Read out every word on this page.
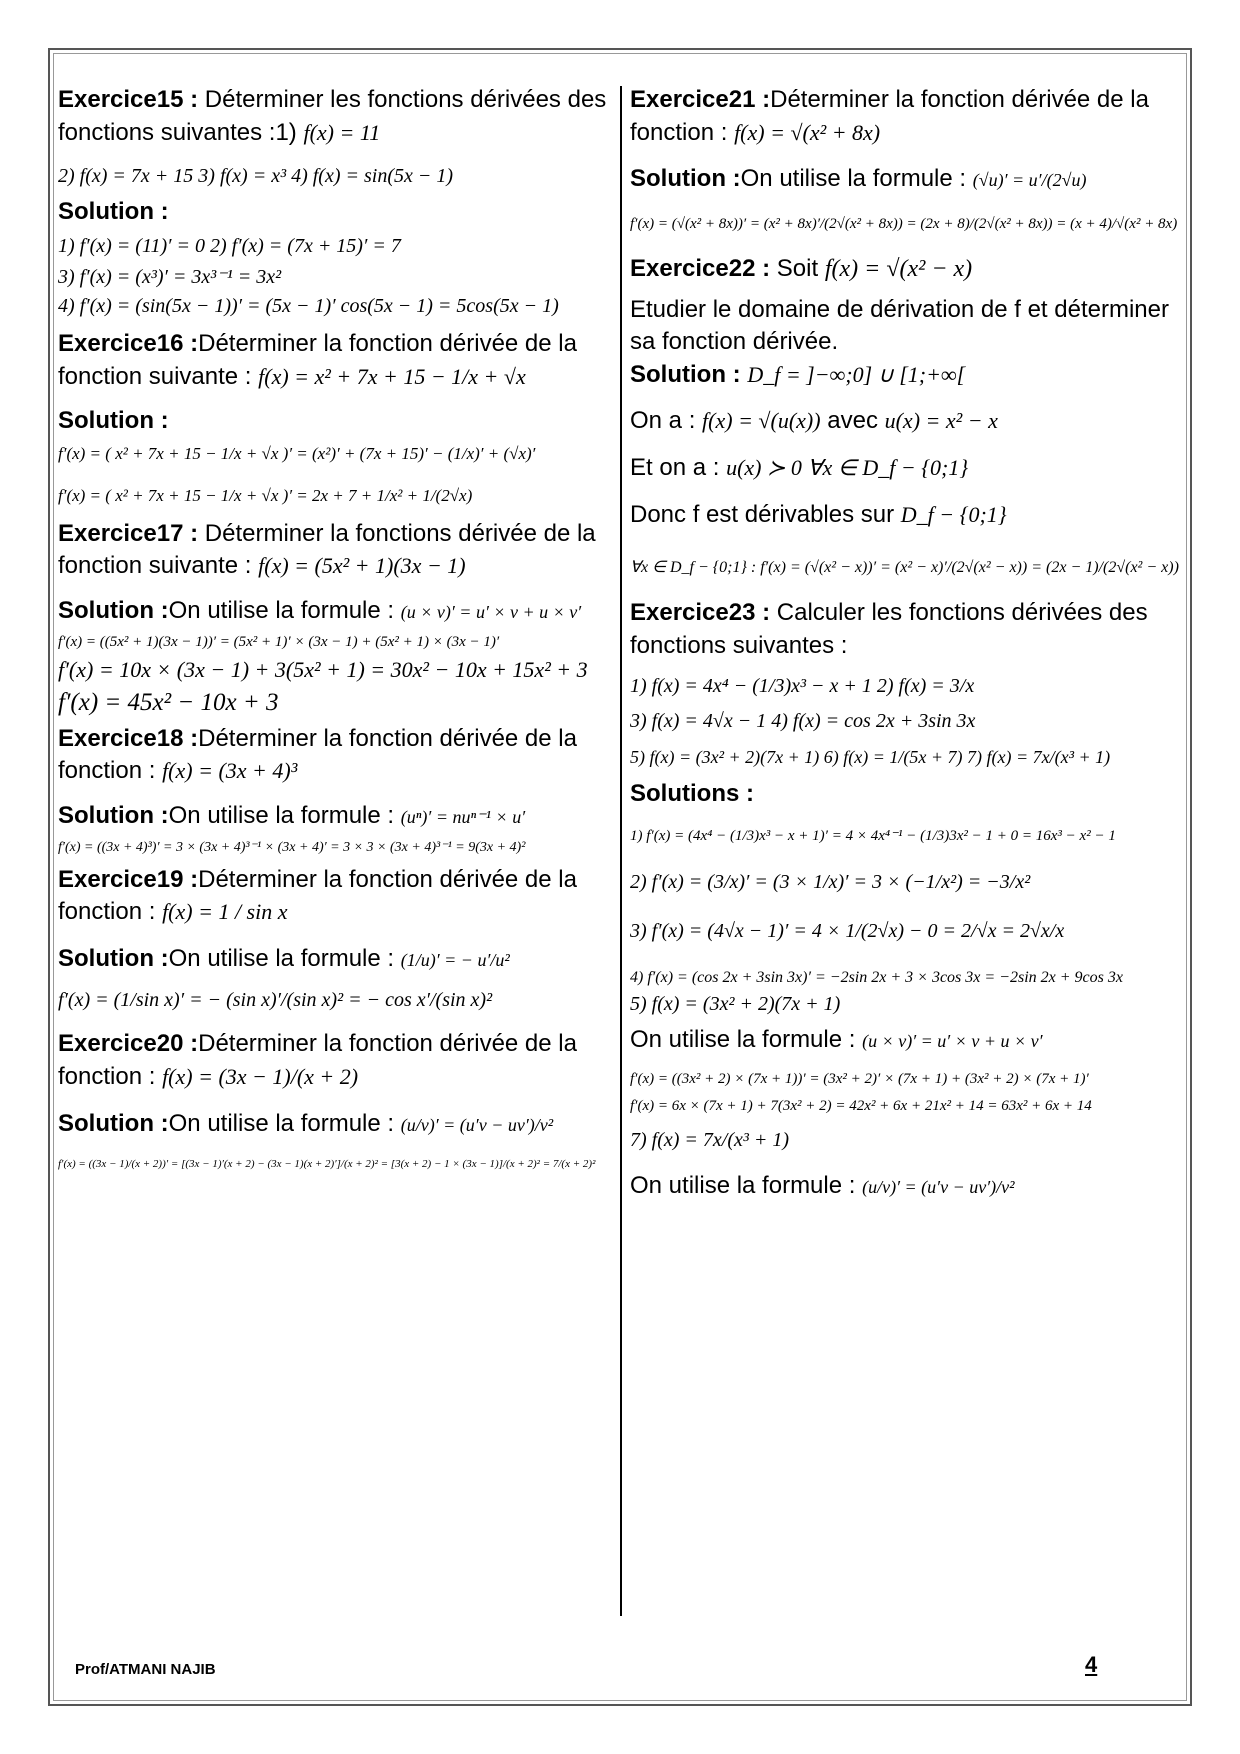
Exercice15 : Déterminer les fonctions dérivées des fonctions suivantes :1) f(x) = 11

2) f(x) = 7x + 15 3) f(x) = x³ 4) f(x) = sin(5x − 1)

Solution :

1) f′(x) = (11)′ = 0 2) f′(x) = (7x + 15)′ = 7
3) f′(x) = (x³)′ = 3x³⁻¹ = 3x²
4) f′(x) = (sin(5x − 1))′ = (5x − 1)′ cos(5x − 1) = 5cos(5x − 1)

Exercice16 :Déterminer la fonction dérivée de la fonction suivante : f(x) = x² + 7x + 15 − 1/x + √x

Solution :

f′(x) = ( x² + 7x + 15 − 1/x + √x )′ = (x²)′ + (7x + 15)′ − (1/x)′ + (√x)′
f′(x) = ( x² + 7x + 15 − 1/x + √x )′ = 2x + 7 + 1/x² + 1/(2√x)

Exercice17 : Déterminer la fonctions dérivée de la fonction suivante : f(x) = (5x² + 1)(3x − 1)

Solution :On utilise la formule : (u × v)′ = u′ × v + u × v′

f′(x) = ((5x² + 1)(3x − 1))′ = (5x² + 1)′ × (3x − 1) + (5x² + 1) × (3x − 1)′
f′(x) = 10x × (3x − 1) + 3(5x² + 1) = 30x² − 10x + 15x² + 3
f′(x) = 45x² − 10x + 3

Exercice18 :Déterminer la fonction dérivée de la fonction : f(x) = (3x + 4)³

Solution :On utilise la formule : (uⁿ)′ = nuⁿ⁻¹ × u′

f′(x) = ((3x + 4)³)′ = 3 × (3x + 4)³⁻¹ × (3x + 4)′ = 3 × 3 × (3x + 4)³⁻¹ = 9(3x + 4)²

Exercice19 :Déterminer la fonction dérivée de la fonction : f(x) = 1 / sin x

Solution :On utilise la formule : (1/u)′ = − u′/u²

f′(x) = (1/sin x)′ = − (sin x)′/(sin x)² = − cos x′/(sin x)²

Exercice20 :Déterminer la fonction dérivée de la fonction : f(x) = (3x − 1)/(x + 2)

Solution :On utilise la formule : (u/v)′ = (u′v − uv′)/v²

f′(x) = ((3x − 1)/(x + 2))′ = [(3x − 1)′(x + 2) − (3x − 1)(x + 2)′]/(x + 2)² = [3(x + 2) − 1 × (3x − 1)]/(x + 2)² = 7/(x + 2)²

Exercice21 :Déterminer la fonction dérivée de la fonction : f(x) = √(x² + 8x)

Solution :On utilise la formule : (√u)′ = u′/(2√u)

f′(x) = (√(x² + 8x))′ = (x² + 8x)′/(2√(x² + 8x)) = (2x + 8)/(2√(x² + 8x)) = (x + 4)/√(x² + 8x)

Exercice22 : Soit f(x) = √(x² − x)

Etudier le domaine de dérivation de f et déterminer sa fonction dérivée.

Solution : D_f = ]−∞;0] ∪ [1;+∞[

On a : f(x) = √(u(x)) avec u(x) = x² − x

Et on a : u(x) ≻ 0 ∀x ∈ D_f − {0;1}

Donc f est dérivables sur D_f − {0;1}

∀x ∈ D_f − {0;1} : f′(x) = (√(x² − x))′ = (x² − x)′/(2√(x² − x)) = (2x − 1)/(2√(x² − x))

Exercice23 : Calculer les fonctions dérivées des fonctions suivantes :

1) f(x) = 4x⁴ − (1/3)x³ − x + 1 2) f(x) = 3/x
3) f(x) = 4√x − 1 4) f(x) = cos 2x + 3sin 3x
5) f(x) = (3x² + 2)(7x + 1) 6) f(x) = 1/(5x + 7) 7) f(x) = 7x/(x³ + 1)

Solutions :

1) f′(x) = (4x⁴ − (1/3)x³ − x + 1)′ = 4 × 4x⁴⁻¹ − (1/3)3x² − 1 + 0 = 16x³ − x² − 1
2) f′(x) = (3/x)′ = (3 × 1/x)′ = 3 × (−1/x²) = −3/x²
3) f′(x) = (4√x − 1)′ = 4 × 1/(2√x) − 0 = 2/√x = 2√x/x
4) f′(x) = (cos 2x + 3sin 3x)′ = −2sin 2x + 3 × 3cos 3x = −2sin 2x + 9cos 3x
5) f(x) = (3x² + 2)(7x + 1)

On utilise la formule : (u × v)′ = u′ × v + u × v′

f′(x) = ((3x² + 2) × (7x + 1))′ = (3x² + 2)′ × (7x + 1) + (3x² + 2) × (7x + 1)′
f′(x) = 6x × (7x + 1) + 7(3x² + 2) = 42x² + 6x + 21x² + 14 = 63x² + 6x + 14
7) f(x) = 7x/(x³ + 1)

On utilise la formule : (u/v)′ = (u′v − uv′)/v²

Prof/ATMANI NAJIB	4
